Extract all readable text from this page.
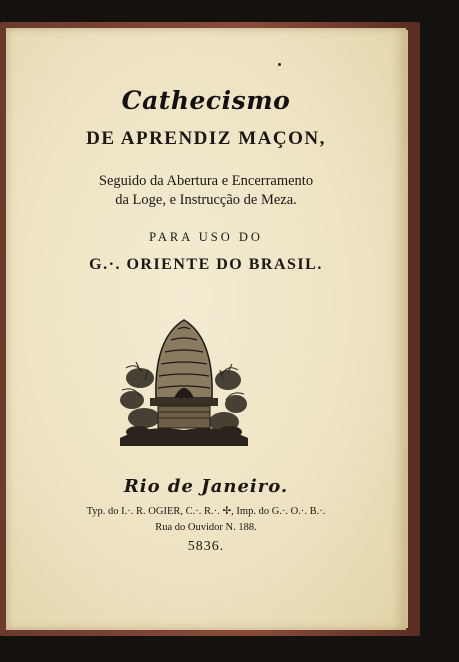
Cathecismo
DE APRENDIZ MAÇON,
Seguido da Abertura e Encerramento
da Loge, e Instrucção de Meza.
PARA USO DO
G.·. ORIENTE DO BRASIL.
Rio de Janeiro.
Typ. do I.·. R. OGIER, C.·. R.·. ✢, Imp. do G.·. O.·. B.·.
Rua do Ouvidor N. 188.
5836.
